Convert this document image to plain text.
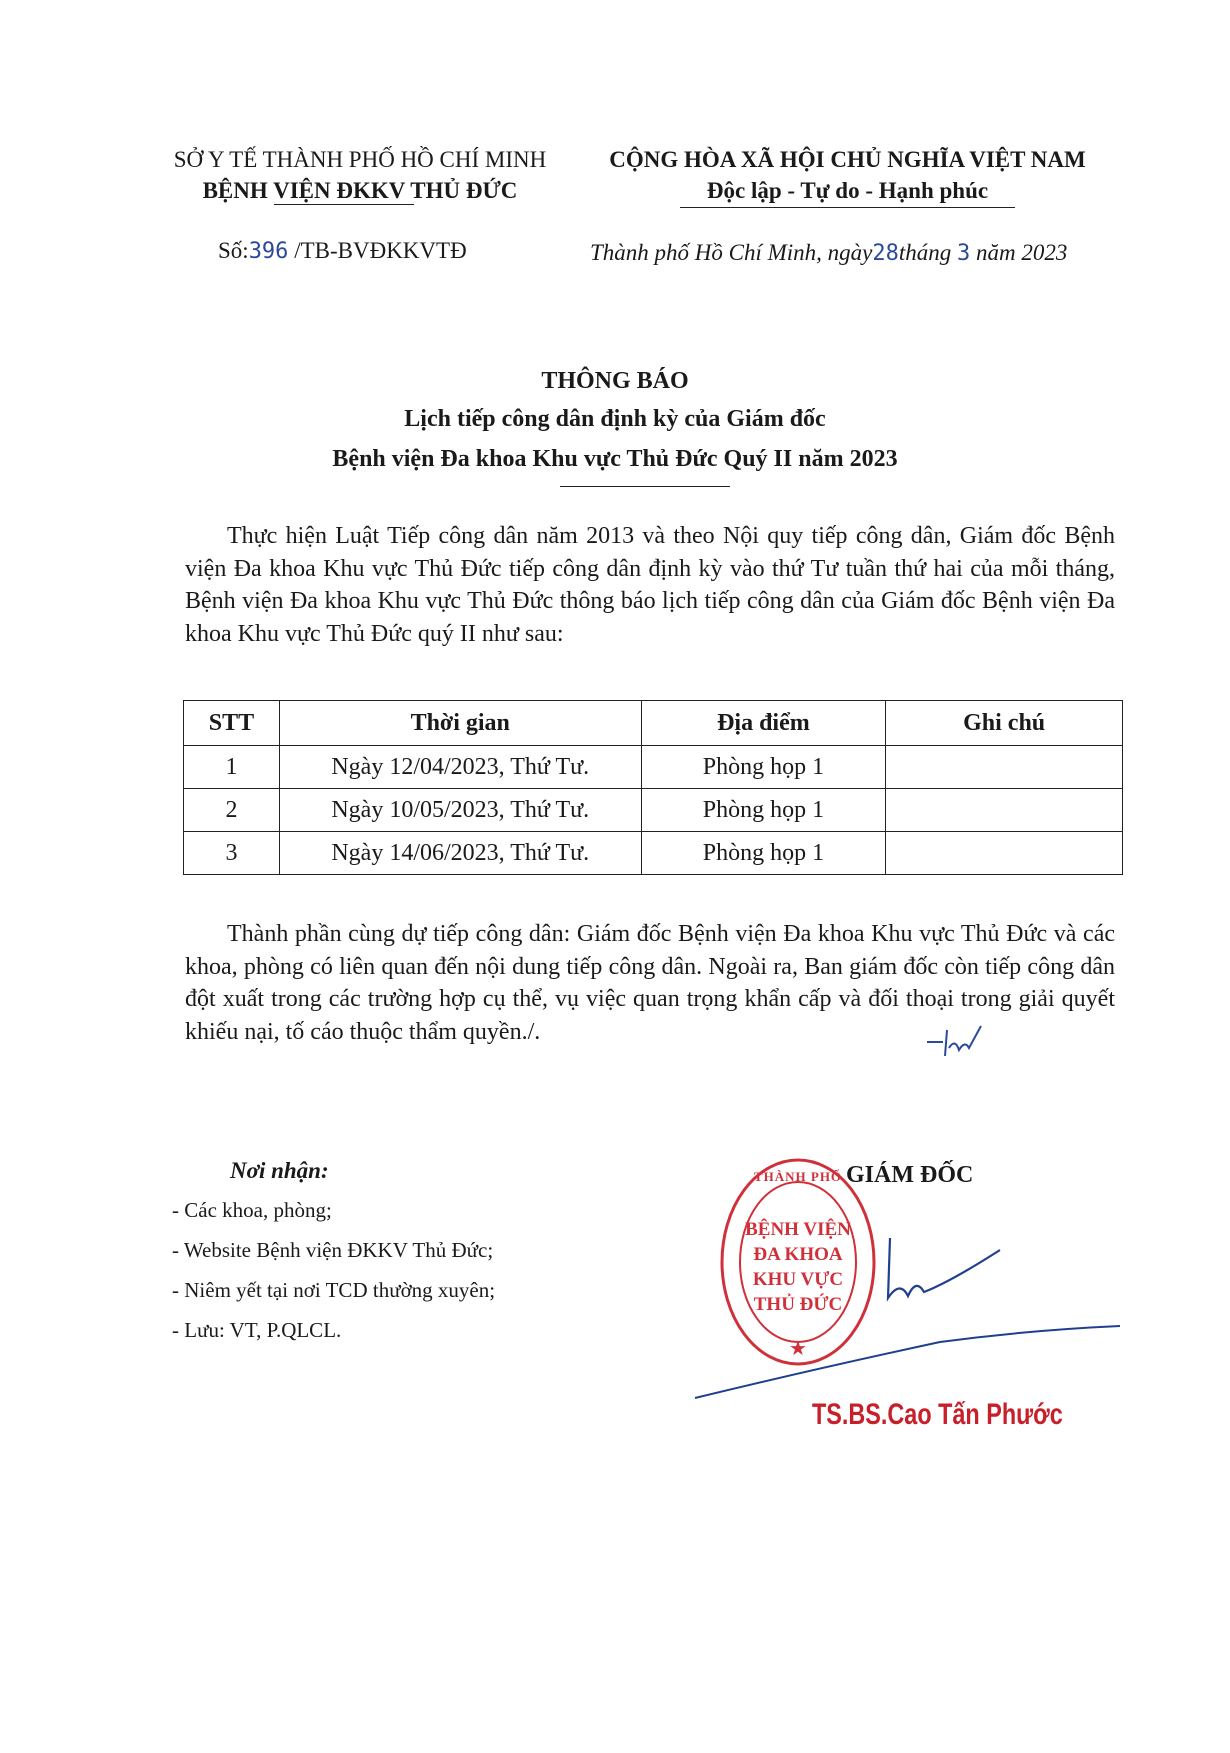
SỞ Y TẾ THÀNH PHỐ HỒ CHÍ MINH
BỆNH VIỆN ĐKKV THỦ ĐỨC
CỘNG HÒA XÃ HỘI CHỦ NGHĨA VIỆT NAM
Độc lập - Tự do - Hạnh phúc
Số:396 /TB-BVĐKKVTĐ	Thành phố Hồ Chí Minh, ngày28tháng 3 năm 2023
THÔNG BÁO
Lịch tiếp công dân định kỳ của Giám đốc
Bệnh viện Đa khoa Khu vực Thủ Đức Quý II năm 2023
Thực hiện Luật Tiếp công dân năm 2013 và theo Nội quy tiếp công dân, Giám đốc Bệnh viện Đa khoa Khu vực Thủ Đức tiếp công dân định kỳ vào thứ Tư tuần thứ hai của mỗi tháng, Bệnh viện Đa khoa Khu vực Thủ Đức thông báo lịch tiếp công dân của Giám đốc Bệnh viện Đa khoa Khu vực Thủ Đức quý II như sau:
STT	Thời gian	Địa điểm	Ghi chú
1	Ngày 12/04/2023, Thứ Tư.	Phòng họp 1	
2	Ngày 10/05/2023, Thứ Tư.	Phòng họp 1	
3	Ngày 14/06/2023, Thứ Tư.	Phòng họp 1	
Thành phần cùng dự tiếp công dân: Giám đốc Bệnh viện Đa khoa Khu vực Thủ Đức và các khoa, phòng có liên quan đến nội dung tiếp công dân. Ngoài ra, Ban giám đốc còn tiếp công dân đột xuất trong các trường hợp cụ thể, vụ việc quan trọng khẩn cấp và đối thoại trong giải quyết khiếu nại, tố cáo thuộc thẩm quyền./.
Nơi nhận:
- Các khoa, phòng;
- Website Bệnh viện ĐKKV Thủ Đức;
- Niêm yết tại nơi TCD thường xuyên;
- Lưu: VT, P.QLCL.
GIÁM ĐỐC
★
THÀNH PHỐ
BỆNH VIỆN
ĐA KHOA
KHU VỰC
THỦ ĐỨC
TS.BS.Cao Tấn Phước
